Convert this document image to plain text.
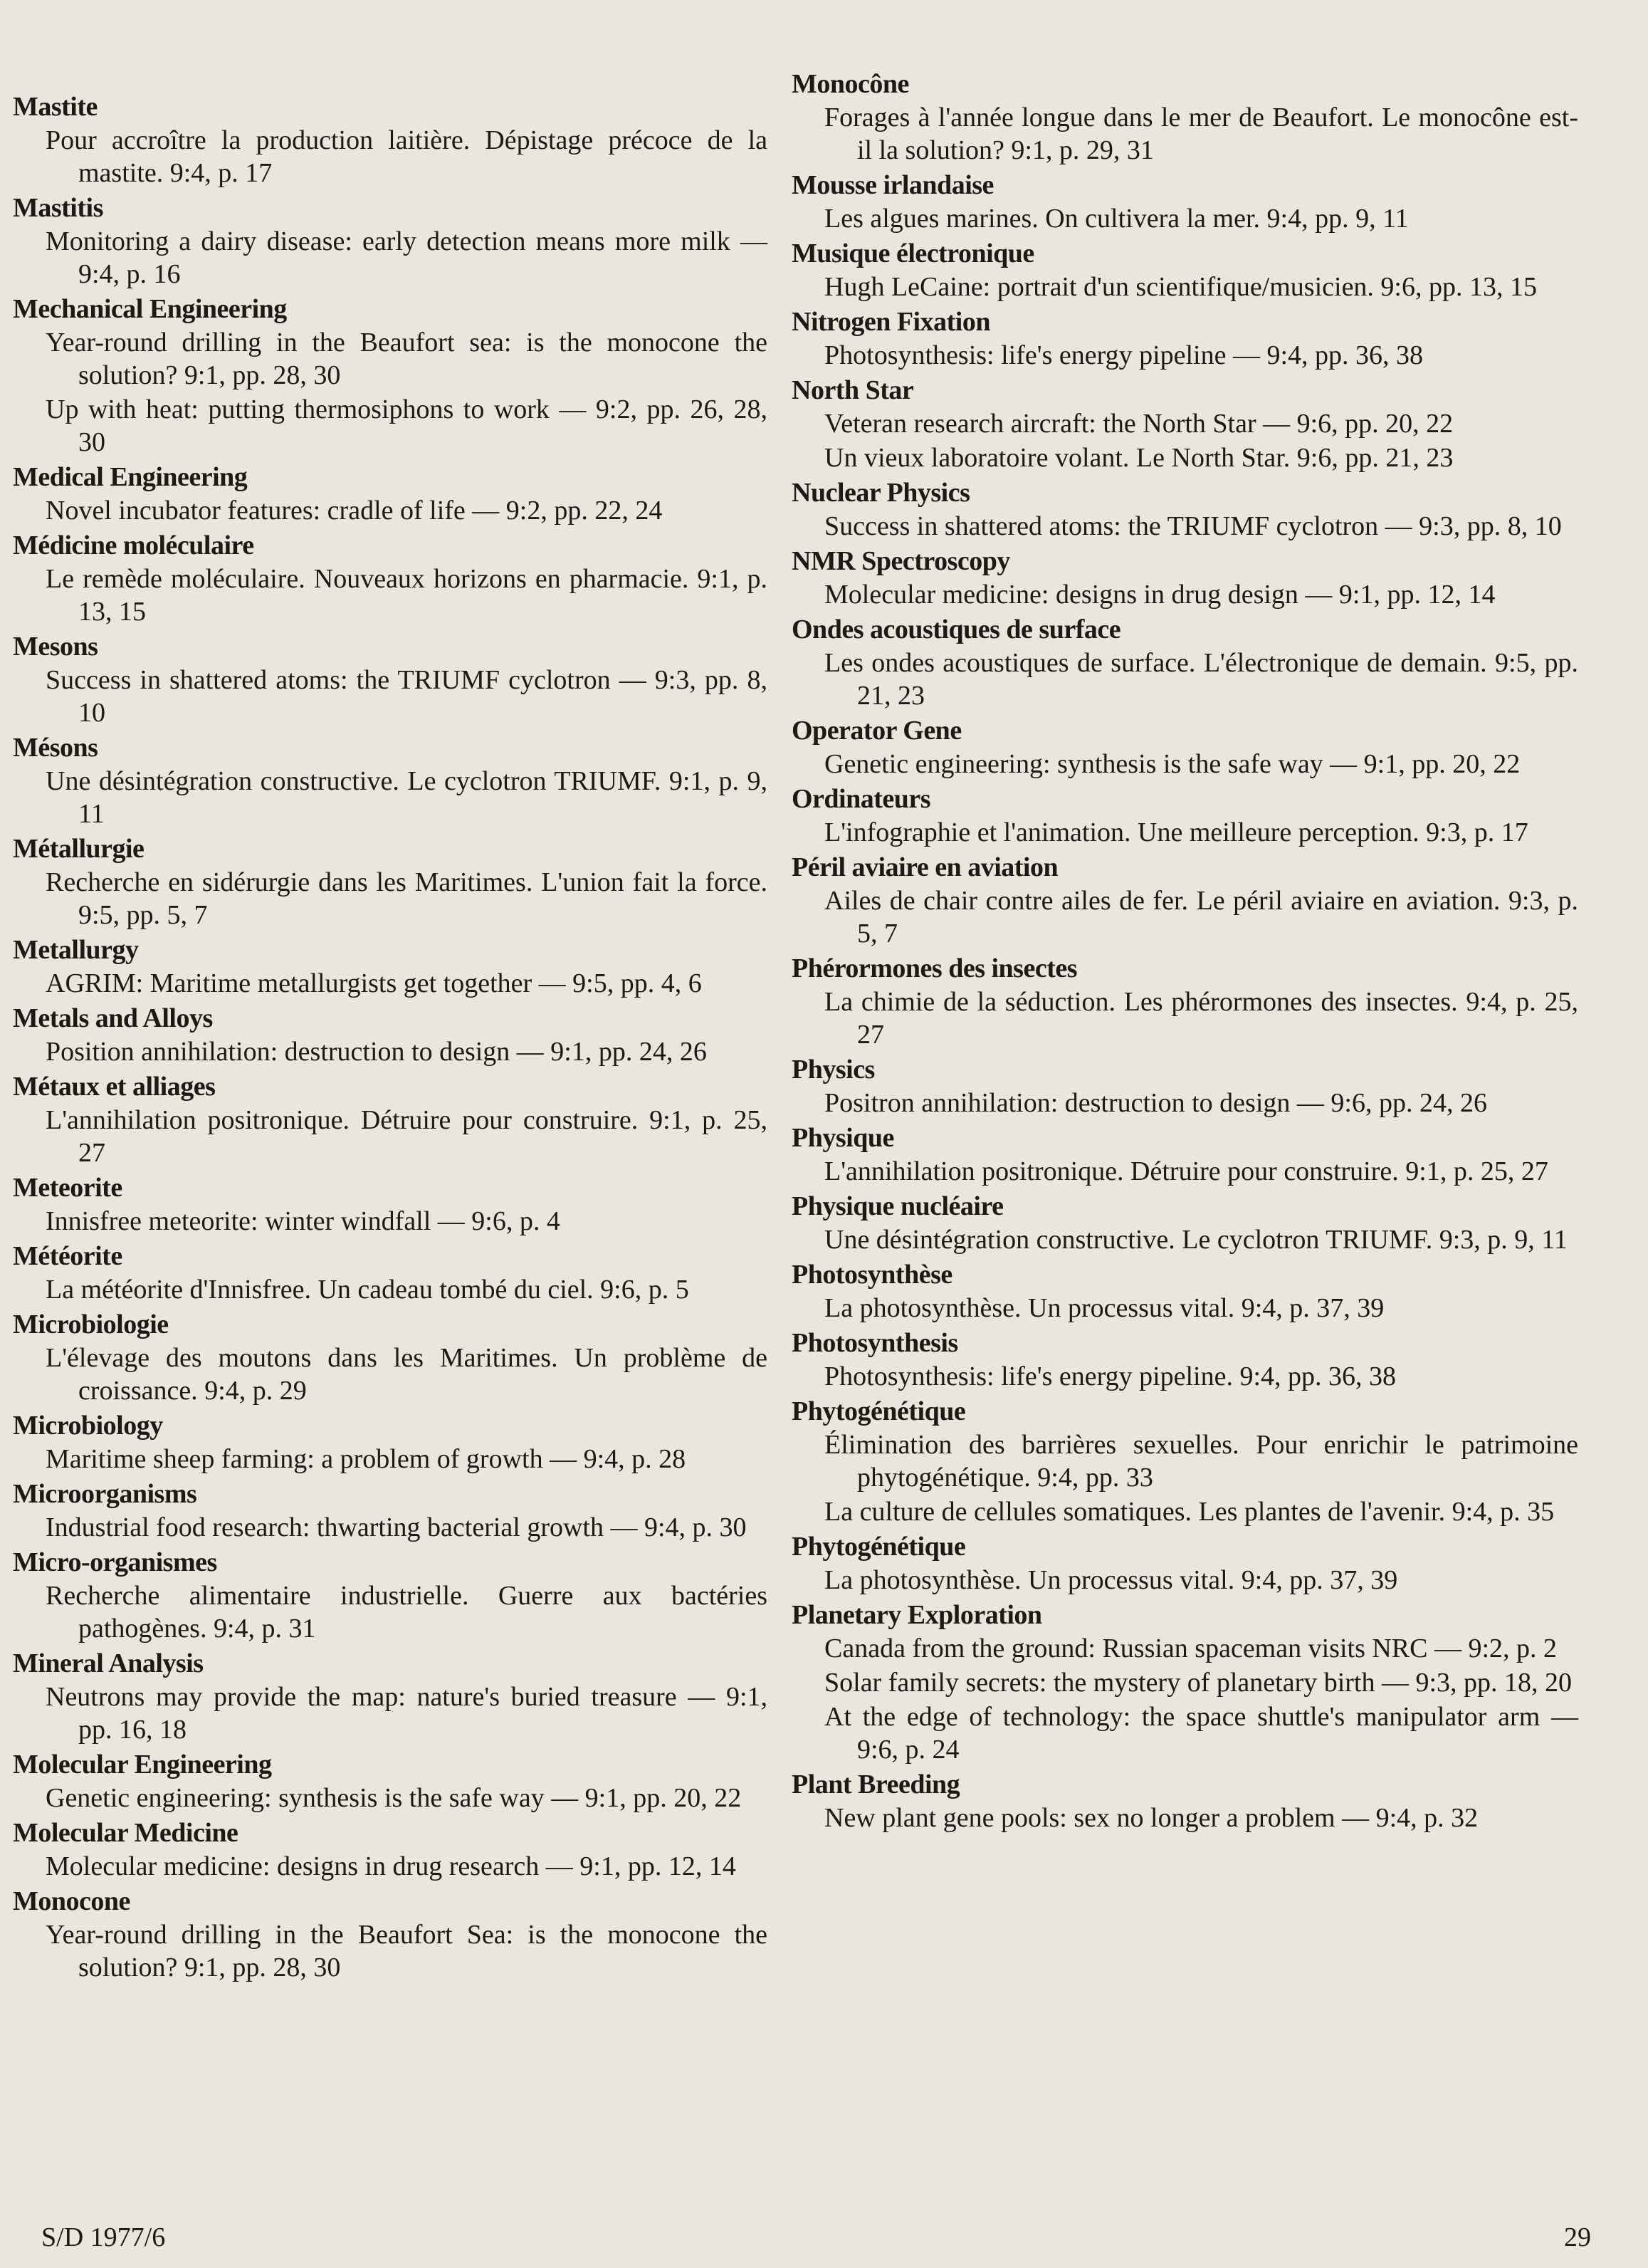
Mastite
Pour accroître la production laitière. Dépistage précoce de la mastite. 9:4, p. 17
Mastitis
Monitoring a dairy disease: early detection means more milk — 9:4, p. 16
Mechanical Engineering
Year-round drilling in the Beaufort sea: is the monocone the solution? 9:1, pp. 28, 30
Up with heat: putting thermosiphons to work — 9:2, pp. 26, 28, 30
Medical Engineering
Novel incubator features: cradle of life — 9:2, pp. 22, 24
Médicine moléculaire
Le remède moléculaire. Nouveaux horizons en pharmacie. 9:1, p. 13, 15
Mesons
Success in shattered atoms: the TRIUMF cyclotron — 9:3, pp. 8, 10
Mésons
Une désintégration constructive. Le cyclotron TRIUMF. 9:1, p. 9, 11
Métallurgie
Recherche en sidérurgie dans les Maritimes. L'union fait la force. 9:5, pp. 5, 7
Metallurgy
AGRIM: Maritime metallurgists get together — 9:5, pp. 4, 6
Metals and Alloys
Position annihilation: destruction to design — 9:1, pp. 24, 26
Métaux et alliages
L'annihilation positronique. Détruire pour construire. 9:1, p. 25, 27
Meteorite
Innisfree meteorite: winter windfall — 9:6, p. 4
Météorite
La météorite d'Innisfree. Un cadeau tombé du ciel. 9:6, p. 5
Microbiologie
L'élevage des moutons dans les Maritimes. Un problème de croissance. 9:4, p. 29
Microbiology
Maritime sheep farming: a problem of growth — 9:4, p. 28
Microorganisms
Industrial food research: thwarting bacterial growth — 9:4, p. 30
Micro-organismes
Recherche alimentaire industrielle. Guerre aux bactéries pathogènes. 9:4, p. 31
Mineral Analysis
Neutrons may provide the map: nature's buried treasure — 9:1, pp. 16, 18
Molecular Engineering
Genetic engineering: synthesis is the safe way — 9:1, pp. 20, 22
Molecular Medicine
Molecular medicine: designs in drug research — 9:1, pp. 12, 14
Monocone
Year-round drilling in the Beaufort Sea: is the monocone the solution? 9:1, pp. 28, 30
Monocône
Forages à l'année longue dans le mer de Beaufort. Le monocône est-il la solution? 9:1, p. 29, 31
Mousse irlandaise
Les algues marines. On cultivera la mer. 9:4, pp. 9, 11
Musique électronique
Hugh LeCaine: portrait d'un scientifique/musicien. 9:6, pp. 13, 15
Nitrogen Fixation
Photosynthesis: life's energy pipeline — 9:4, pp. 36, 38
North Star
Veteran research aircraft: the North Star — 9:6, pp. 20, 22
Un vieux laboratoire volant. Le North Star. 9:6, pp. 21, 23
Nuclear Physics
Success in shattered atoms: the TRIUMF cyclotron — 9:3, pp. 8, 10
NMR Spectroscopy
Molecular medicine: designs in drug design — 9:1, pp. 12, 14
Ondes acoustiques de surface
Les ondes acoustiques de surface. L'électronique de demain. 9:5, pp. 21, 23
Operator Gene
Genetic engineering: synthesis is the safe way — 9:1, pp. 20, 22
Ordinateurs
L'infographie et l'animation. Une meilleure perception. 9:3, p. 17
Péril aviaire en aviation
Ailes de chair contre ailes de fer. Le péril aviaire en aviation. 9:3, p. 5, 7
Phérormones des insectes
La chimie de la séduction. Les phérormones des insectes. 9:4, p. 25, 27
Physics
Positron annihilation: destruction to design — 9:6, pp. 24, 26
Physique
L'annihilation positronique. Détruire pour construire. 9:1, p. 25, 27
Physique nucléaire
Une désintégration constructive. Le cyclotron TRIUMF. 9:3, p. 9, 11
Photosynthèse
La photosynthèse. Un processus vital. 9:4, p. 37, 39
Photosynthesis
Photosynthesis: life's energy pipeline. 9:4, pp. 36, 38
Phytogénétique
Élimination des barrières sexuelles. Pour enrichir le patrimoine phytogénétique. 9:4, pp. 33
La culture de cellules somatiques. Les plantes de l'avenir. 9:4, p. 35
Phytogénétique
La photosynthèse. Un processus vital. 9:4, pp. 37, 39
Planetary Exploration
Canada from the ground: Russian spaceman visits NRC — 9:2, p. 2
Solar family secrets: the mystery of planetary birth — 9:3, pp. 18, 20
At the edge of technology: the space shuttle's manipulator arm — 9:6, p. 24
Plant Breeding
New plant gene pools: sex no longer a problem — 9:4, p. 32
S/D 1977/6	29
